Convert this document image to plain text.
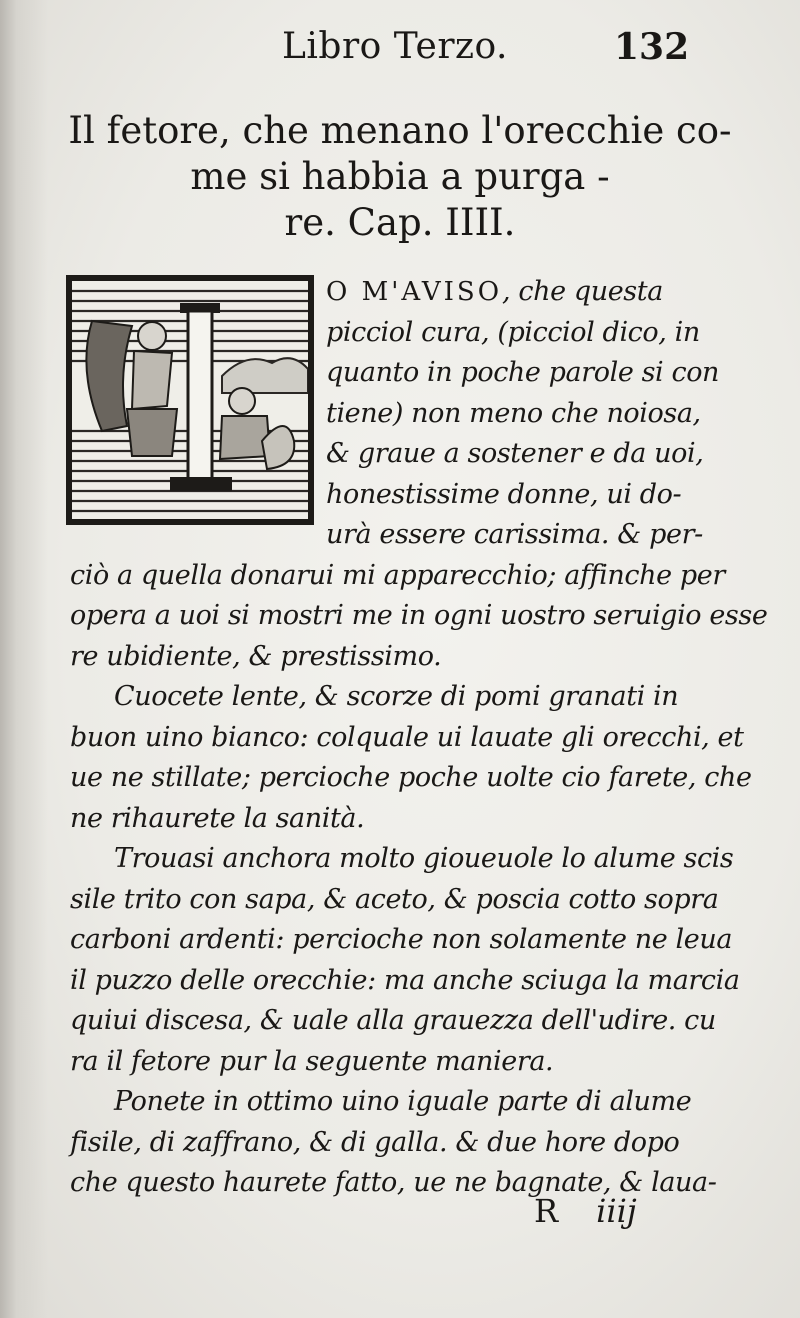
Libro Terzo.	132
Il fetore, che menano l'orecchie co-
me si habbia a purga -
re. Cap. IIII.
O M'AVISO, che questa
picciol cura, (picciol dico, in
quanto in poche parole si con
tiene) non meno che noiosa,
& graue a sostener e da uoi,
honestissime donne, ui do-
urà essere carissima. & per-
ciò a quella donarui mi apparecchio; affinche per
opera a uoi si mostri me in ogni uostro seruigio esse
re ubidiente, & prestissimo.
Cuocete lente, & scorze di pomi granati in
buon uino bianco: colquale ui lauate gli orecchi, et
ue ne stillate; percioche poche uolte cio farete, che
ne rihaurete la sanità.
Trouasi anchora molto gioueuole lo alume scis
sile trito con sapa, & aceto, & poscia cotto sopra
carboni ardenti: percioche non solamente ne leua
il puzzo delle orecchie: ma anche sciuga la marcia
quiui discesa, & uale alla grauezza dell'udire. cu
ra il fetore pur la seguente maniera.
Ponete in ottimo uino iguale parte di alume
fisile, di zaffrano, & di galla. & due hore dopo
che questo haurete fatto, ue ne bagnate, & laua-
R iiij
